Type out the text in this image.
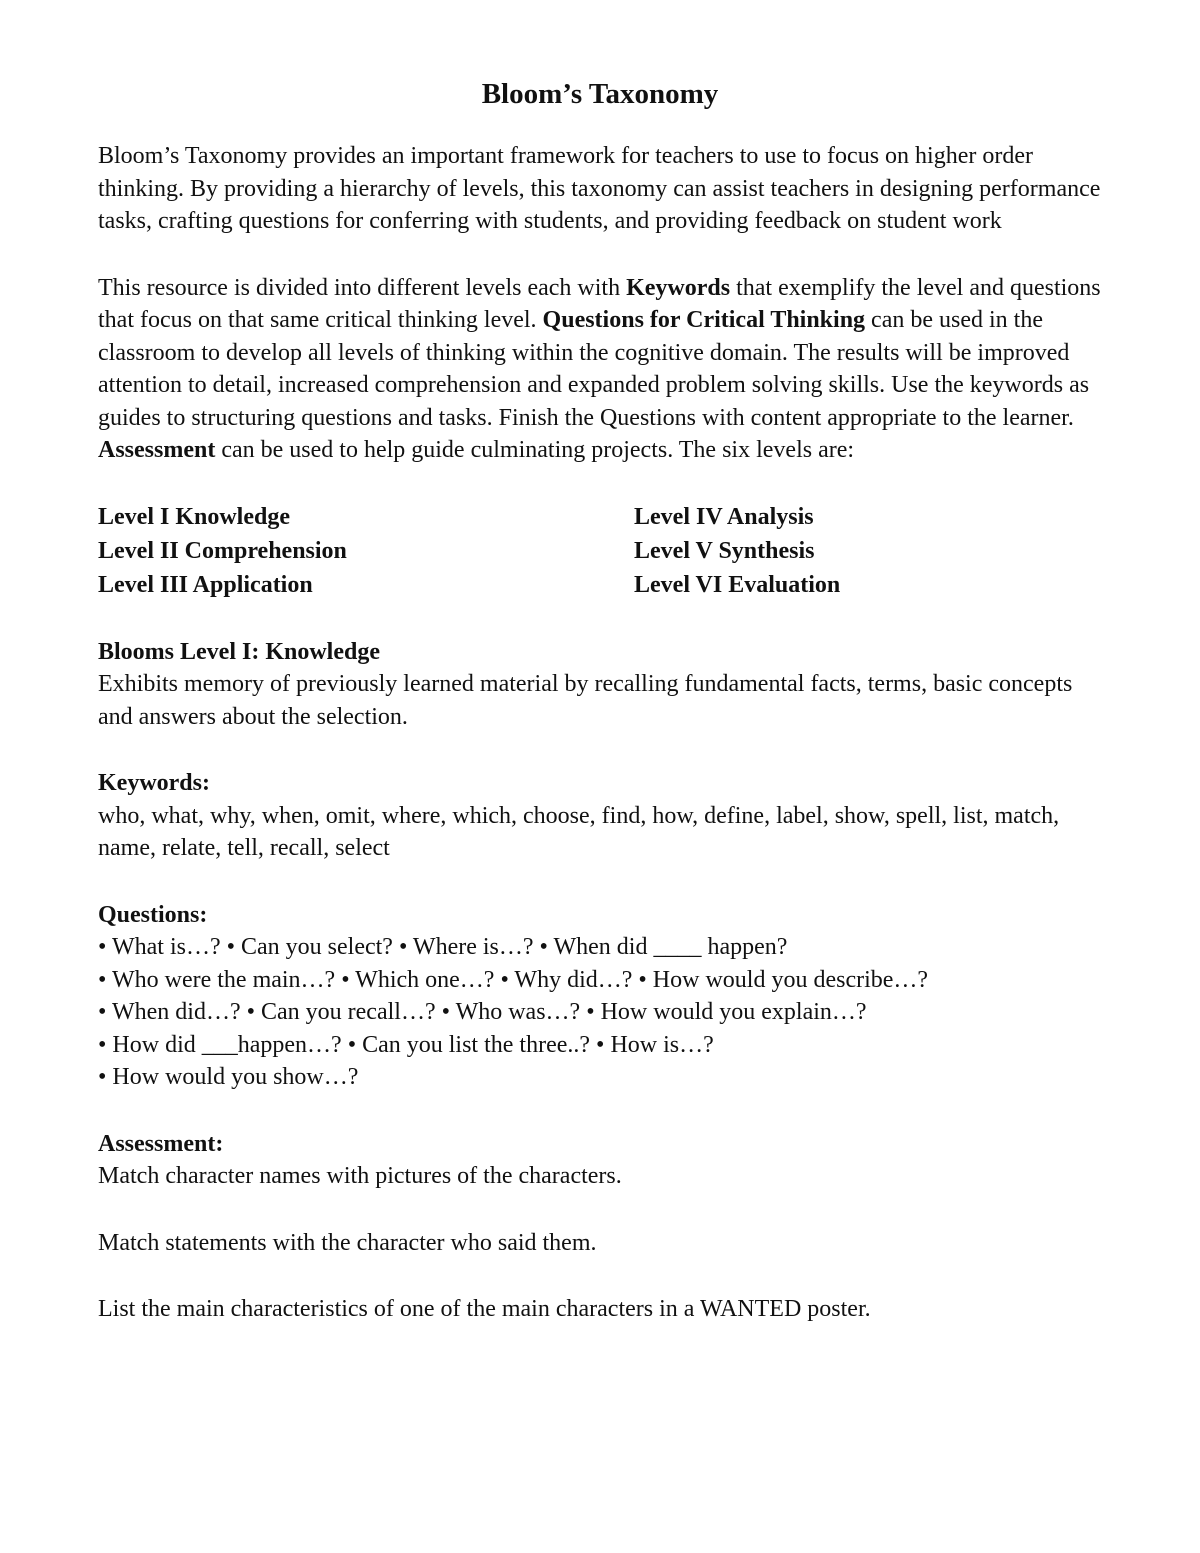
Bloom’s Taxonomy

Bloom’s Taxonomy provides an important framework for teachers to use to focus on higher order thinking. By providing a hierarchy of levels, this taxonomy can assist teachers in designing performance tasks, crafting questions for conferring with students, and providing feedback on student work

This resource is divided into different levels each with Keywords that exemplify the level and questions that focus on that same critical thinking level. Questions for Critical Thinking can be used in the classroom to develop all levels of thinking within the cognitive domain. The results will be improved attention to detail, increased comprehension and expanded problem solving skills. Use the keywords as guides to structuring questions and tasks. Finish the Questions with content appropriate to the learner. Assessment can be used to help guide culminating projects. The six levels are:

Level I Knowledge	Level IV Analysis
Level II Comprehension	Level V Synthesis
Level III Application	Level VI Evaluation

Blooms Level I: Knowledge

Exhibits memory of previously learned material by recalling fundamental facts, terms, basic concepts and answers about the selection.

Keywords:

who, what, why, when, omit, where, which, choose, find, how, define, label, show, spell, list, match, name, relate, tell, recall, select

Questions:

• What is…? • Can you select? • Where is…? • When did ____ happen?

• Who were the main…? • Which one…? • Why did…? • How would you describe…?

• When did…? • Can you recall…? • Who was…? • How would you explain…?

• How did ___happen…? • Can you list the three..? • How is…?

• How would you show…?

Assessment:

Match character names with pictures of the characters.

Match statements with the character who said them.

List the main characteristics of one of the main characters in a WANTED poster.
